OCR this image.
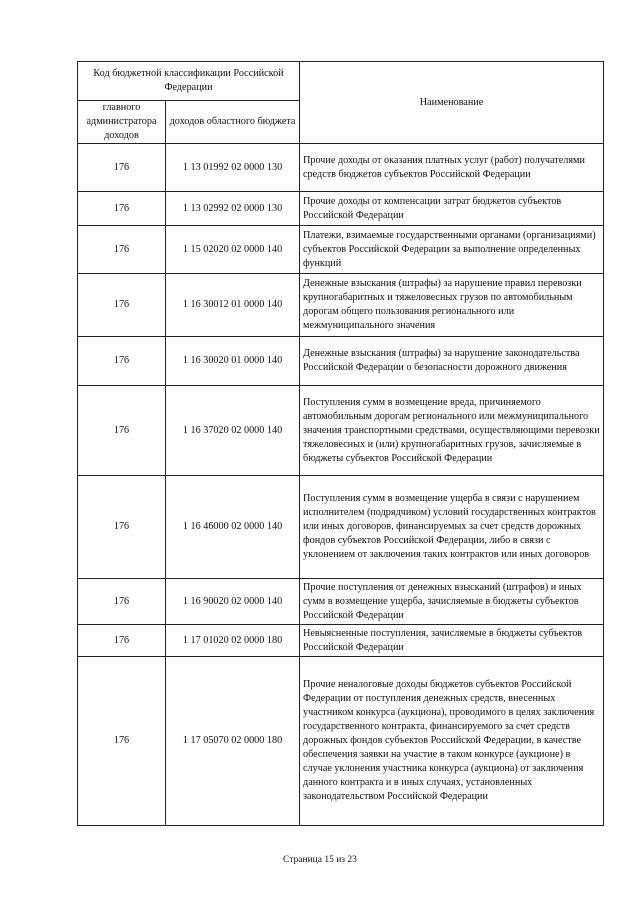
Код бюджетной классификации Российской Федерации		Наименование
главного администратора доходов	доходов областного бюджета	
176	1 13 01992 02 0000 130	Прочие доходы от оказания платных услуг (работ) получателями средств бюджетов субъектов Российской Федерации
176	1 13 02992 02 0000 130	Прочие доходы от компенсации затрат бюджетов субъектов Российской Федерации
176	1 15 02020 02 0000 140	Платежи, взимаемые государственными органами (организациями) субъектов Российской Федерации за выполнение определенных функций
176	1 16 30012 01 0000 140	Денежные взыскания (штрафы) за нарушение правил перевозки крупногабаритных и тяжеловесных грузов по автомобильным дорогам общего пользования регионального или межмуниципального значения
176	1 16 30020 01 0000 140	Денежные взыскания (штрафы) за нарушение законодательства Российской Федерации о безопасности дорожного движения
176	1 16 37020 02 0000 140	Поступления сумм в возмещение вреда, причиняемого автомобильным дорогам регионального или межмуниципального значения транспортными средствами, осуществляющими перевозки тяжеловесных и (или) крупногабаритных грузов, зачисляемые в бюджеты субъектов Российской Федерации
176	1 16 46000 02 0000 140	Поступления сумм в возмещение ущерба в связи с нарушением исполнителем (подрядчиком) условий государственных контрактов или иных договоров, финансируемых за счет средств дорожных фондов субъектов Российской Федерации, либо в связи с уклонением от заключения таких контрактов или иных договоров
176	1 16 90020 02 0000 140	Прочие поступления от денежных взысканий (штрафов) и иных сумм в возмещение ущерба, зачисляемые в бюджеты субъектов Российской Федерации
176	1 17 01020 02 0000 180	Невыясненные поступления, зачисляемые в бюджеты субъектов Российской Федерации
176	1 17 05070 02 0000 180	Прочие неналоговые доходы бюджетов субъектов Российской Федерации от поступления денежных средств, внесенных участником конкурса (аукциона), проводимого в целях заключения государственного контракта, финансируемого за счет средств дорожных фондов субъектов Российской Федерации, в качестве обеспечения заявки на участие в таком конкурсе (аукционе) в случае уклонения участника конкурса (аукциона) от заключения данного контракта и в иных случаях, установленных законодательством Российской Федерации
Страница 15 из 23
